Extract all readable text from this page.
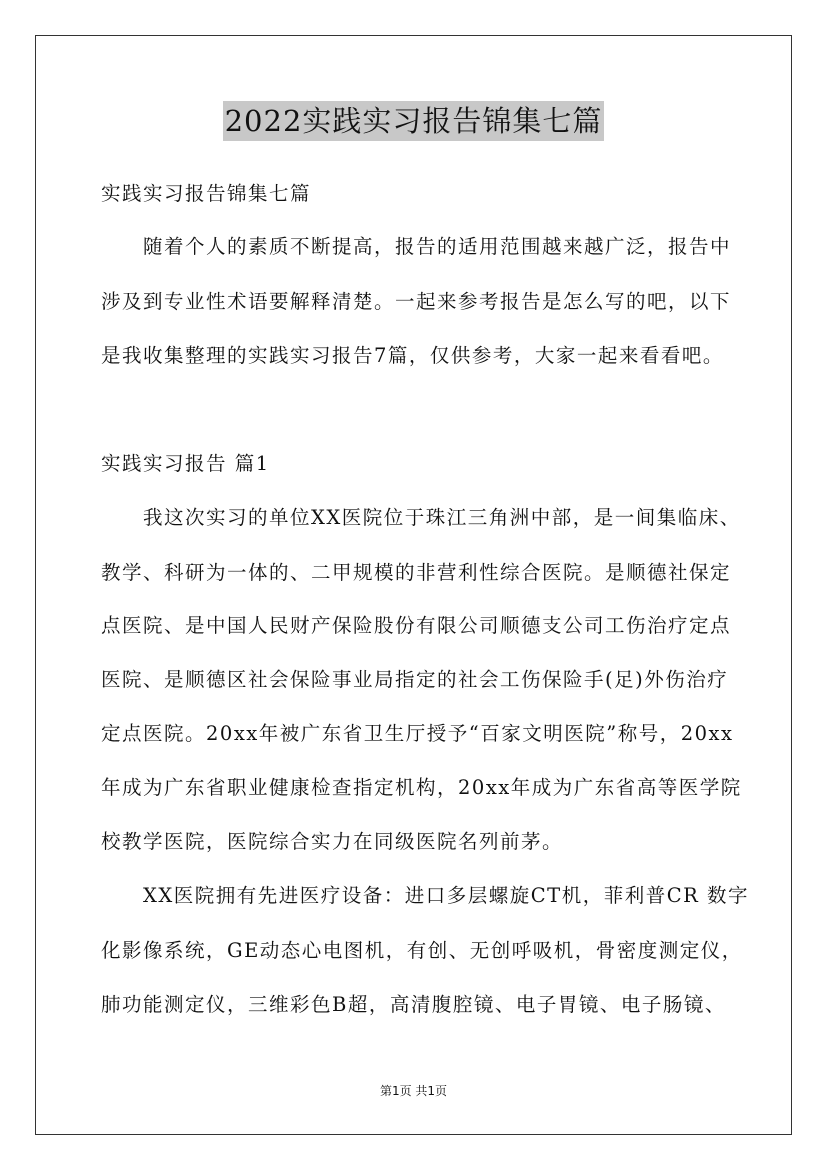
2022实践实习报告锦集七篇
实践实习报告锦集七篇
随着个人的素质不断提高，报告的适用范围越来越广泛，报告中
涉及到专业性术语要解释清楚。一起来参考报告是怎么写的吧，以下
是我收集整理的实践实习报告7篇，仅供参考，大家一起来看看吧。
实践实习报告 篇1
我这次实习的单位XX医院位于珠江三角洲中部，是一间集临床、
教学、科研为一体的、二甲规模的非营利性综合医院。是顺德社保定
点医院、是中国人民财产保险股份有限公司顺德支公司工伤治疗定点
医院、是顺德区社会保险事业局指定的社会工伤保险手(足)外伤治疗
定点医院。20xx年被广东省卫生厅授予“百家文明医院”称号，20xx
年成为广东省职业健康检查指定机构，20xx年成为广东省高等医学院
校教学医院，医院综合实力在同级医院名列前茅。
XX医院拥有先进医疗设备：进口多层螺旋CT机，菲利普CR 数字
化影像系统，GE动态心电图机，有创、无创呼吸机，骨密度测定仪，
肺功能测定仪，三维彩色B超，高清腹腔镜、电子胃镜、电子肠镜、
第1页 共1页
